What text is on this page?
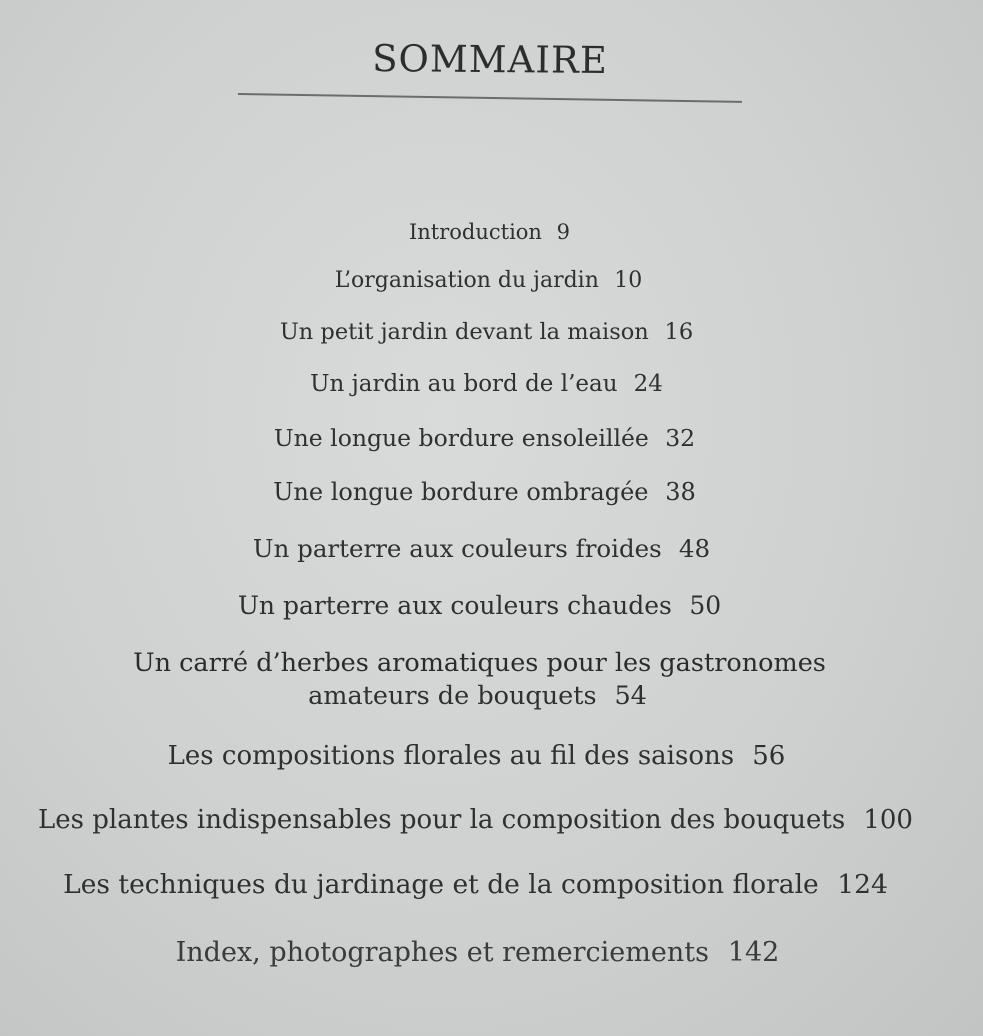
SOMMAIRE
Introduction 9
L’organisation du jardin 10
Un petit jardin devant la maison 16
Un jardin au bord de l’eau 24
Une longue bordure ensoleillée 32
Une longue bordure ombragée 38
Un parterre aux couleurs froides 48
Un parterre aux couleurs chaudes 50
Un carré d’herbes aromatiques pour les gastronomes
amateurs de bouquets 54
Les compositions florales au fil des saisons 56
Les plantes indispensables pour la composition des bouquets 100
Les techniques du jardinage et de la composition florale 124
Index, photographes et remerciements 142
